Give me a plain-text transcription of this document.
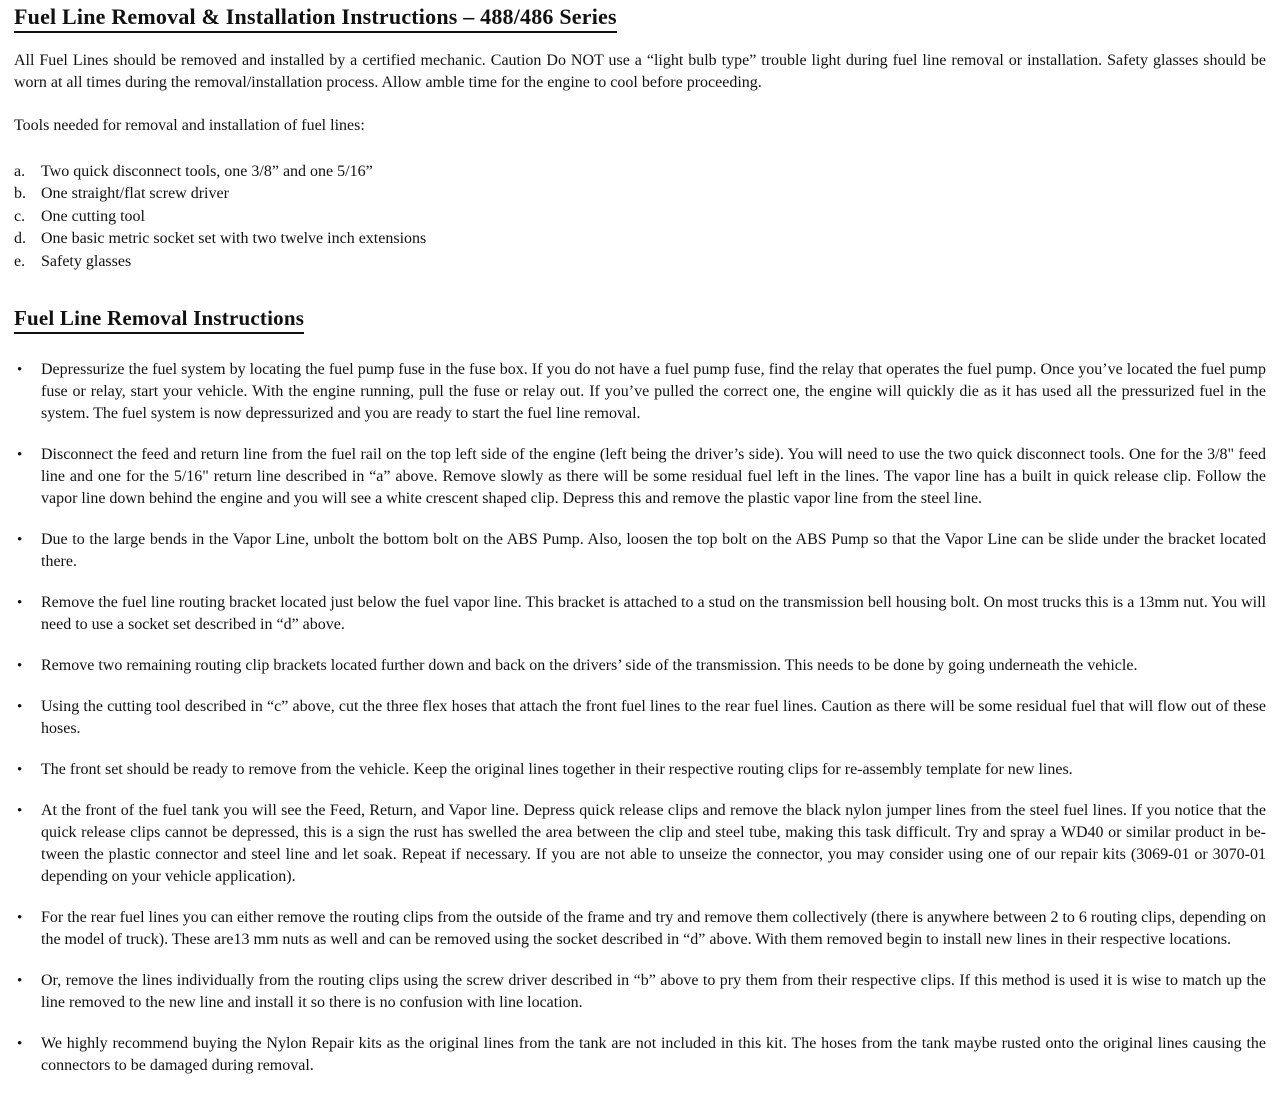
Fuel Line Removal & Installation Instructions – 488/486 Series

All Fuel Lines should be removed and installed by a certified mechanic. Caution Do NOT use a “light bulb type” trouble light during fuel line removal or installation. Safety glasses should be worn at all times during the removal/installation process. Allow amble time for the engine to cool before proceeding.

Tools needed for removal and installation of fuel lines:

a. Two quick disconnect tools, one 3/8” and one 5/16”
b. One straight/flat screw driver
c. One cutting tool
d. One basic metric socket set with two twelve inch extensions
e. Safety glasses
Fuel Line Removal Instructions
•	Depressurize the fuel system by locating the fuel pump fuse in the fuse box. If you do not have a fuel pump fuse, find the relay that operates the fuel pump. Once you’ve located the fuel pump fuse or relay, start your vehicle. With the engine running, pull the fuse or relay out. If you’ve pulled the correct one, the engine will quickly die as it has used all the pressurized fuel in the system. The fuel system is now depressurized and you are ready to start the fuel line removal.

•	Disconnect the feed and return line from the fuel rail on the top left side of the engine (left being the driver’s side). You will need to use the two quick disconnect tools. One for the 3/8" feed line and one for the 5/16" return line described in “a” above. Remove slowly as there will be some residual fuel left in the lines. The vapor line has a built in quick release clip. Follow the vapor line down behind the engine and you will see a white crescent shaped clip. Depress this and remove the plastic vapor line from the steel line.

•	Due to the large bends in the Vapor Line, unbolt the bottom bolt on the ABS Pump. Also, loosen the top bolt on the ABS Pump so that the Vapor Line can be slide under the bracket located there.

•	Remove the fuel line routing bracket located just below the fuel vapor line. This bracket is attached to a stud on the transmission bell housing bolt. On most trucks this is a 13mm nut. You will need to use a socket set described in “d” above.

•	Remove two remaining routing clip brackets located further down and back on the drivers’ side of the transmission. This needs to be done by going underneath the vehicle.

•	Using the cutting tool described in “c” above, cut the three flex hoses that attach the front fuel lines to the rear fuel lines. Caution as there will be some residual fuel that will flow out of these hoses.

•	The front set should be ready to remove from the vehicle. Keep the original lines together in their respective routing clips for re-assembly template for new lines.

•	At the front of the fuel tank you will see the Feed, Return, and Vapor line. Depress quick release clips and remove the black nylon jumper lines from the steel fuel lines. If you notice that the quick release clips cannot be depressed, this is a sign the rust has swelled the area between the clip and steel tube, making this task difficult. Try and spray a WD40 or similar product in be-tween the plastic connector and steel line and let soak. Repeat if necessary. If you are not able to unseize the connector, you may consider using one of our repair kits (3069-01 or 3070-01 depending on your vehicle application).

•	For the rear fuel lines you can either remove the routing clips from the outside of the frame and try and remove them collectively (there is anywhere between 2 to 6 routing clips, depending on the model of truck). These are13 mm nuts as well and can be removed using the socket described in “d” above. With them removed begin to install new lines in their respective locations.

•	Or, remove the lines individually from the routing clips using the screw driver described in “b” above to pry them from their respective clips. If this method is used it is wise to match up the line removed to the new line and install it so there is no confusion with line location.

•	We highly recommend buying the Nylon Repair kits as the original lines from the tank are not included in this kit. The hoses from the tank maybe rusted onto the original lines causing the connectors to be damaged during removal.
